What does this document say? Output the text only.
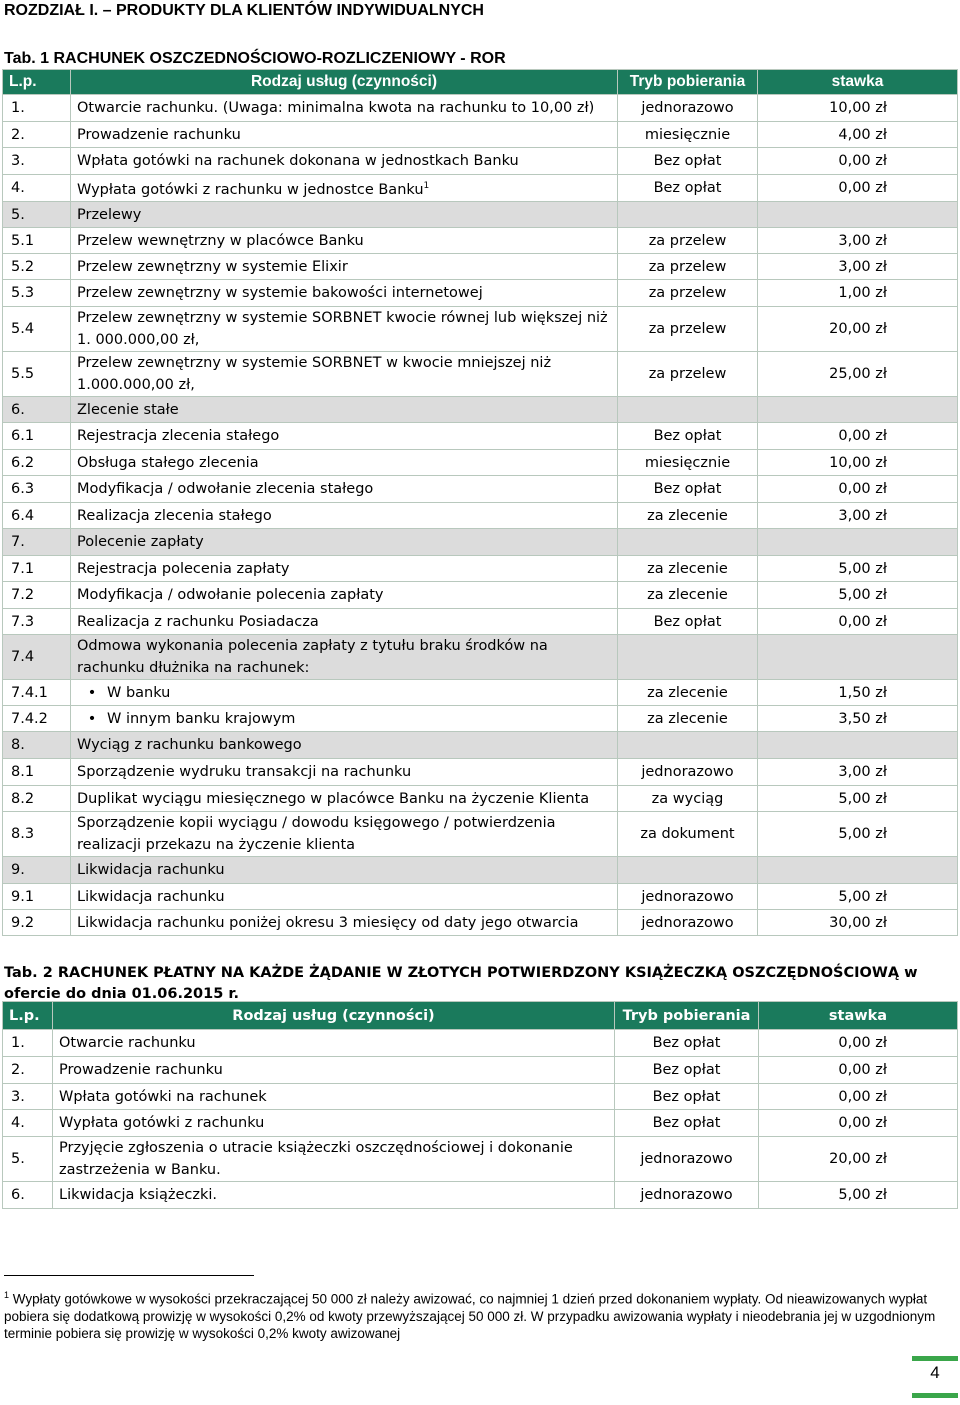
ROZDZIAŁ I. – PRODUKTY DLA KLIENTÓW INDYWIDUALNYCH
Tab. 1 RACHUNEK OSZCZEDNOŚCIOWO-ROZLICZENIOWY - ROR
L.p.	Rodzaj usług (czynności)	Tryb pobierania	stawka
1.	Otwarcie rachunku. (Uwaga: minimalna kwota na rachunku to 10,00 zł)	jednorazowo	10,00 zł
2.	Prowadzenie rachunku	miesięcznie	4,00 zł
3.	Wpłata gotówki na rachunek dokonana w jednostkach Banku	Bez opłat	0,00 zł
4.	Wypłata gotówki z rachunku w jednostce Banku$^1$	Bez opłat	0,00 zł
5.	Przelewy		
5.1	Przelew wewnętrzny w placówce Banku	za przelew	3,00 zł
5.2	Przelew zewnętrzny w systemie Elixir	za przelew	3,00 zł
5.3	Przelew zewnętrzny w systemie bakowości internetowej	za przelew	1,00 zł
5.4	Przelew zewnętrzny w systemie SORBNET kwocie równej lub większej niż 1. 000.000,00 zł,	za przelew	20,00 zł
5.5	Przelew zewnętrzny w systemie SORBNET w kwocie mniejszej niż 1.000.000,00 zł,	za przelew	25,00 zł
6.	Zlecenie stałe		
6.1	Rejestracja zlecenia stałego	Bez opłat	0,00 zł
6.2	Obsługa stałego zlecenia	miesięcznie	10,00 zł
6.3	Modyfikacja / odwołanie zlecenia stałego	Bez opłat	0,00 zł
6.4	Realizacja zlecenia stałego	za zlecenie	3,00 zł
7.	Polecenie zapłaty		
7.1	Rejestracja polecenia zapłaty	za zlecenie	5,00 zł
7.2	Modyfikacja / odwołanie polecenia zapłaty	za zlecenie	5,00 zł
7.3	Realizacja z rachunku Posiadacza	Bez opłat	0,00 zł
7.4	Odmowa wykonania polecenia zapłaty z tytułu braku środków na rachunku dłużnika na rachunek:		
7.4.1	• W banku	za zlecenie	1,50 zł
7.4.2	• W innym banku krajowym	za zlecenie	3,50 zł
8.	Wyciąg z rachunku bankowego		
8.1	Sporządzenie wydruku transakcji na rachunku	jednorazowo	3,00 zł
8.2	Duplikat wyciągu miesięcznego w placówce Banku na życzenie Klienta	za wyciąg	5,00 zł
8.3	Sporządzenie kopii wyciągu / dowodu księgowego / potwierdzenia realizacji przekazu na życzenie klienta	za dokument	5,00 zł
9.	Likwidacja rachunku		
9.1	Likwidacja rachunku	jednorazowo	5,00 zł
9.2	Likwidacja rachunku poniżej okresu 3 miesięcy od daty jego otwarcia	jednorazowo	30,00 zł
Tab. 2 RACHUNEK PŁATNY NA KAŻDE ŻĄDANIE W ZŁOTYCH POTWIERDZONY KSIĄŻECZKĄ OSZCZĘDNOŚCIOWĄ w ofercie do dnia 01.06.2015 r.
L.p.	Rodzaj usług (czynności)	Tryb pobierania	stawka
1.	Otwarcie rachunku	Bez opłat	0,00 zł
2.	Prowadzenie rachunku	Bez opłat	0,00 zł
3.	Wpłata gotówki na rachunek	Bez opłat	0,00 zł
4.	Wypłata gotówki z rachunku	Bez opłat	0,00 zł
5.	Przyjęcie zgłoszenia o utracie książeczki oszczędnościowej i dokonanie zastrzeżenia w Banku.	jednorazowo	20,00 zł
6.	Likwidacja książeczki.	jednorazowo	5,00 zł
$^1$ Wypłaty gotówkowe w wysokości przekraczającej 50 000 zł należy awizować, co najmniej 1 dzień przed dokonaniem wypłaty. Od nieawizowanych wypłat pobiera się dodatkową prowizję w wysokości 0,2% od kwoty przewyższającej 50 000 zł. W przypadku awizowania wypłaty i nieodebrania jej w uzgodnionym terminie pobiera się prowizję w wysokości 0,2% kwoty awizowanej
4
